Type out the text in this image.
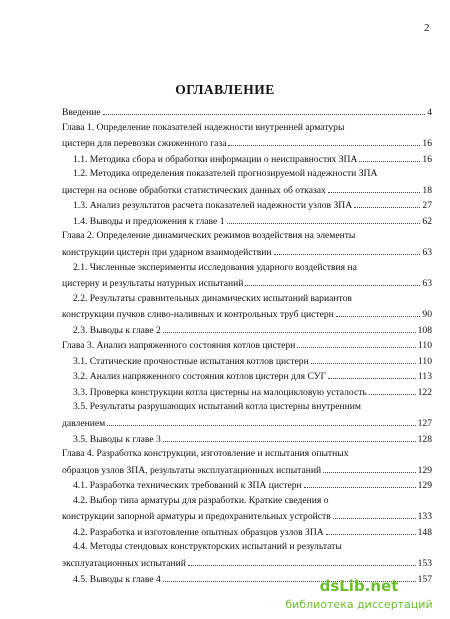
2
ОГЛАВЛЕНИЕ
Введение	4
Глава 1. Определение показателей надежности внутренней арматуры
цистерн для перевозки сжиженного газа	16
1.1. Методика сбора и обработки информации о неисправностях ЗПА	16
1.2. Методика определения показателей прогнозируемой надежности ЗПА
цистерн на основе обработки статистических данных об отказах	18
1.3. Анализ результатов расчета показателей надежности узлов ЗПА	27
1.4. Выводы и предложения к главе 1	62
Глава 2. Определение динамических режимов воздействия на элементы
конструкции цистерн при ударном взаимодействии	63
2.1. Численные эксперименты исследования ударного воздействия на
цистерну и результаты натурных испытаний	63
2.2. Результаты сравнительных динамических испытаний вариантов
конструкции пучков сливо-наливных и контрольных труб цистерн	90
2.3. Выводы к главе 2	108
Глава 3. Анализ напряженного состояния котлов цистерн	110
3.1. Статические прочностные испытания котлов цистерн	110
3.2. Анализ напряженного состояния котлов цистерн для СУГ	113
3.3. Проверка конструкции котла цистерны на малоцикловую усталость	122
3.5. Результаты разрушающих испытаний котла цистерны внутренним
давлением	127
3.5. Выводы к главе 3	128
Глава 4. Разработка конструкции, изготовление и испытания опытных
образцов узлов ЗПА, результаты эксплуатационных испытаний	129
4.1. Разработка технических требований к ЗПА цистерн	129
4.2. Выбор типа арматуры для разработки. Краткие сведения о
конструкции запорной арматуры и предохранительных устройств	133
4.2. Разработка и изготовление опытных образцов узлов ЗПА	148
4.4. Методы стендовых конструкторских испытаний и результаты
эксплуатационных испытаний	153
4.5. Выводы к главе 4	157
dsLib.net
библиотека диссертаций
